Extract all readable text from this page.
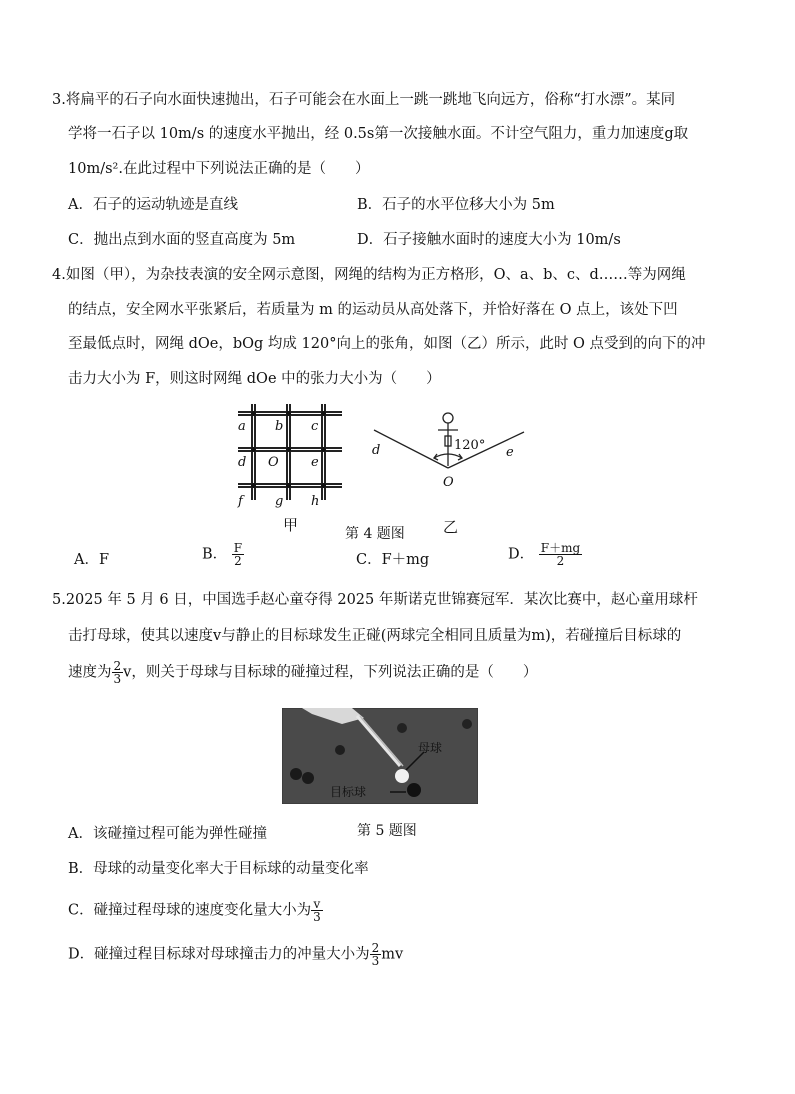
3.将扁平的石子向水面快速抛出，石子可能会在水面上一跳一跳地飞向远方，俗称“打水漂”。某同
学将一石子以 10m/s 的速度水平抛出，经 0.5s第一次接触水面。不计空气阻力，重力加速度g取
10m/s².在此过程中下列说法正确的是（　　）
A．石子的运动轨迹是直线	B．石子的水平位移大小为 5m
C．抛出点到水面的竖直高度为 5m	D．石子接触水面时的速度大小为 10m/s
4.如图（甲），为杂技表演的安全网示意图，网绳的结构为正方格形，O、a、b、c、d……等为网绳
的结点，安全网水平张紧后，若质量为 m 的运动员从高处落下，并恰好落在 O 点上，该处下凹
至最低点时，网绳 dOe，bOg 均成 120°向上的张角，如图（乙）所示，此时 O 点受到的向下的冲
击力大小为 F，则这时网绳 dOe 中的张力大小为（　　）
a b c
d O e
f g h
甲
120°
d	e
O
第 4 题图	乙
A．F	B． $\frac{F}{2}$	C．F＋mg	D． $\frac{F+mg}{2}$
5.2025 年 5 月 6 日，中国选手赵心童夺得 2025 年斯诺克世锦赛冠军．某次比赛中，赵心童用球杆
击打母球，使其以速度v与静止的目标球发生正碰(两球完全相同且质量为m)，若碰撞后目标球的
速度为 $\frac{2}{3}$ v，则关于母球与目标球的碰撞过程，下列说法正确的是（　　）
母球
目标球
第 5 题图
A．该碰撞过程可能为弹性碰撞
B．母球的动量变化率大于目标球的动量变化率
C．碰撞过程母球的速度变化量大小为 $\frac{v}{3}$
D．碰撞过程目标球对母球撞击力的冲量大小为 $\frac{2}{3}$ mv
